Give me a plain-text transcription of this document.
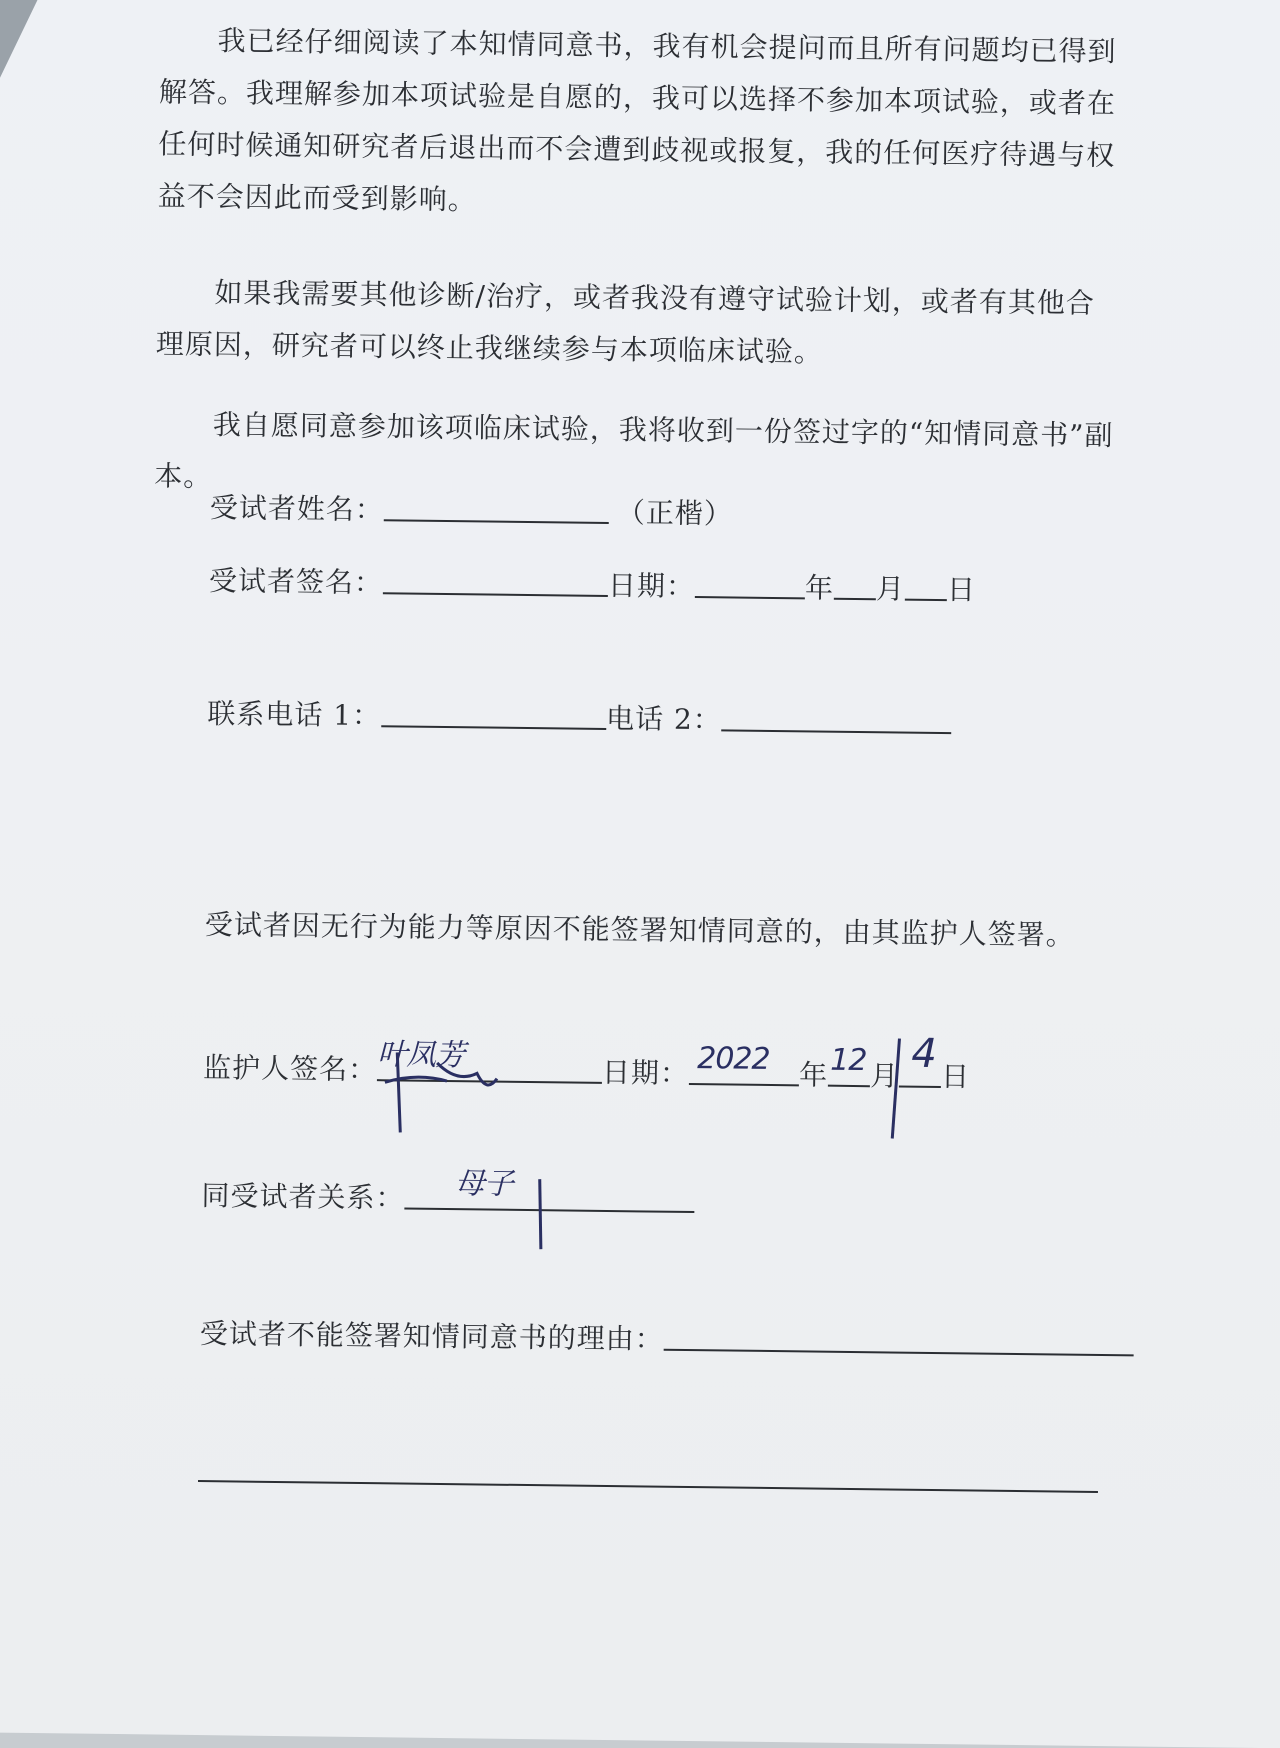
我已经仔细阅读了本知情同意书，我有机会提问而且所有问题均已得到解答。我理解参加本项试验是自愿的，我可以选择不参加本项试验，或者在任何时候通知研究者后退出而不会遭到歧视或报复，我的任何医疗待遇与权益不会因此而受到影响。
如果我需要其他诊断/治疗，或者我没有遵守试验计划，或者有其他合理原因，研究者可以终止我继续参与本项临床试验。
我自愿同意参加该项临床试验，我将收到一份签过字的“知情同意书”副本。
受试者姓名：	（正楷）
受试者签名：	日期：	年 月 日
联系电话 1：	电话 2：
受试者因无行为能力等原因不能签署知情同意的，由其监护人签署。
监护人签名： 叶凤芳	日期： 2022 年 12 月 4 日
同受试者关系： 母子
受试者不能签署知情同意书的理由：
